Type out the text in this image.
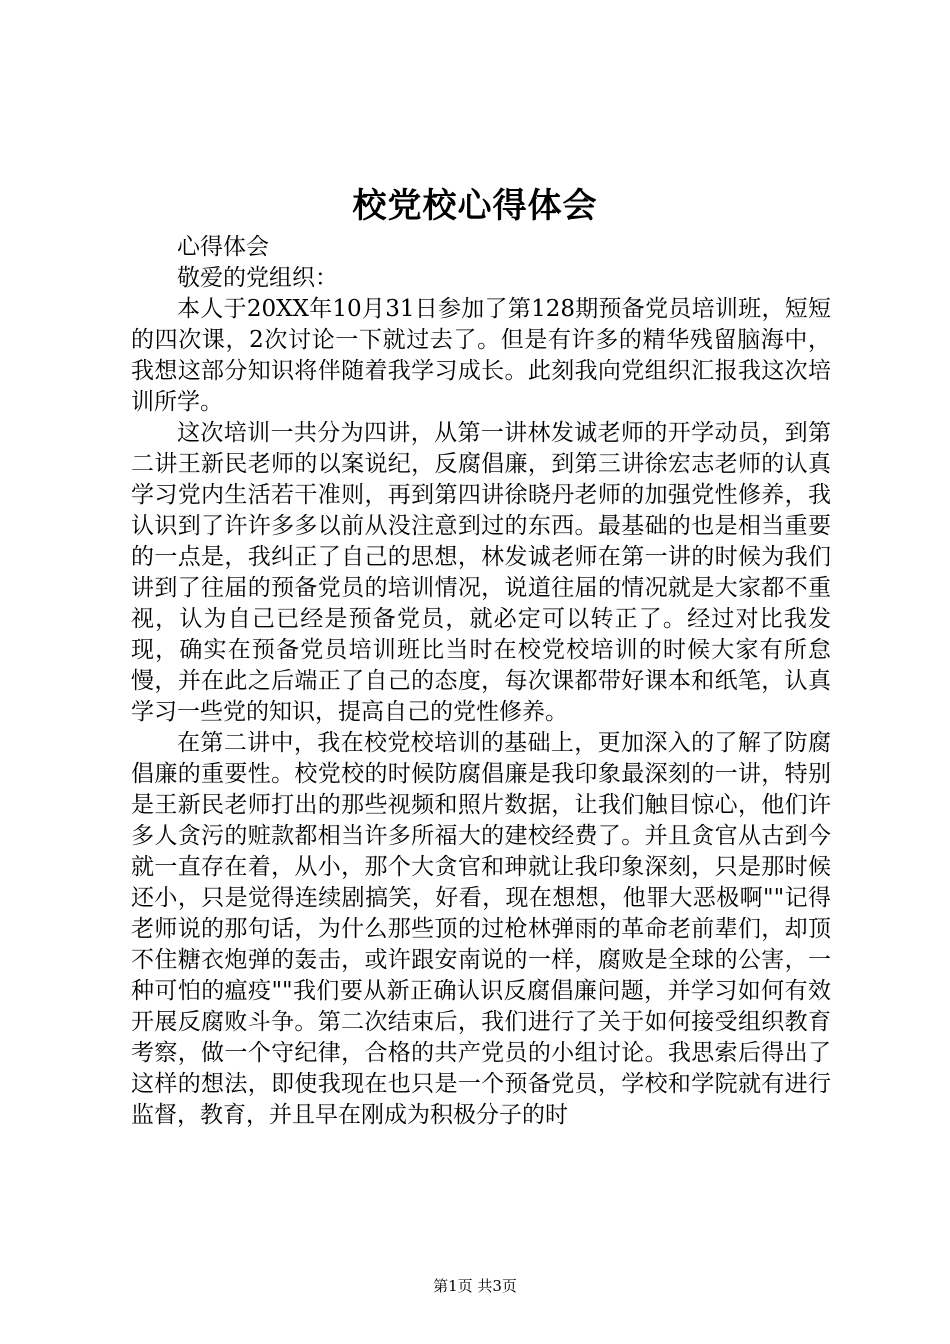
校党校心得体会

心得体会

敬爱的党组织：

本人于20XX年10月31日参加了第128期预备党员培训班，短短的四次课，2次讨论一下就过去了。但是有许多的精华残留脑海中，我想这部分知识将伴随着我学习成长。此刻我向党组织汇报我这次培训所学。

这次培训一共分为四讲，从第一讲林发诚老师的开学动员，到第二讲王新民老师的以案说纪，反腐倡廉，到第三讲徐宏志老师的认真学习党内生活若干准则，再到第四讲徐晓丹老师的加强党性修养，我认识到了许许多多以前从没注意到过的东西。最基础的也是相当重要的一点是，我纠正了自己的思想，林发诚老师在第一讲的时候为我们讲到了往届的预备党员的培训情况，说道往届的情况就是大家都不重视，认为自己已经是预备党员，就必定可以转正了。经过对比我发现，确实在预备党员培训班比当时在校党校培训的时候大家有所怠慢，并在此之后端正了自己的态度，每次课都带好课本和纸笔，认真学习一些党的知识，提高自己的党性修养。

在第二讲中，我在校党校培训的基础上，更加深入的了解了防腐倡廉的重要性。校党校的时候防腐倡廉是我印象最深刻的一讲，特别是王新民老师打出的那些视频和照片数据，让我们触目惊心，他们许多人贪污的赃款都相当许多所福大的建校经费了。并且贪官从古到今就一直存在着，从小，那个大贪官和珅就让我印象深刻，只是那时候还小，只是觉得连续剧搞笑，好看，现在想想，他罪大恶极啊""记得老师说的那句话，为什么那些顶的过枪林弹雨的革命老前辈们，却顶不住糖衣炮弹的轰击，或许跟安南说的一样，腐败是全球的公害，一种可怕的瘟疫""我们要从新正确认识反腐倡廉问题，并学习如何有效开展反腐败斗争。第二次结束后，我们进行了关于如何接受组织教育考察，做一个守纪律，合格的共产党员的小组讨论。我思索后得出了这样的想法，即使我现在也只是一个预备党员，学校和学院就有进行监督，教育，并且早在刚成为积极分子的时

第1页 共3页
